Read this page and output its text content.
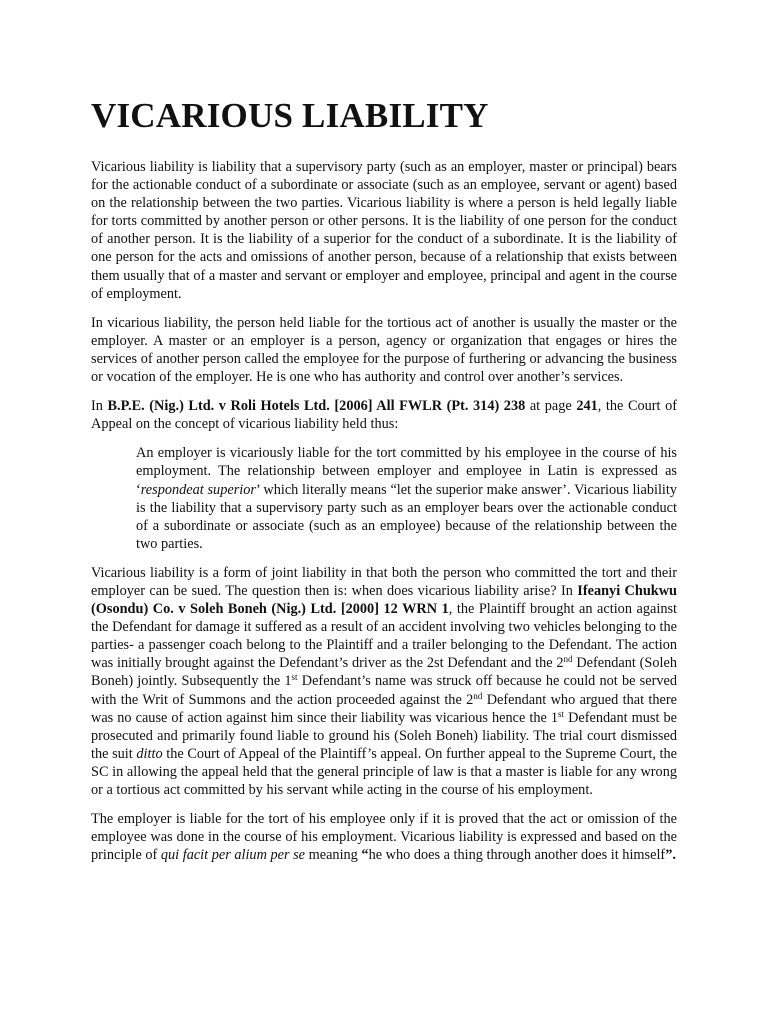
VICARIOUS LIABILITY

Vicarious liability is liability that a supervisory party (such as an employer, master or principal) bears for the actionable conduct of a subordinate or associate (such as an employee, servant or agent) based on the relationship between the two parties. Vicarious liability is where a person is held legally liable for torts committed by another person or other persons. It is the liability of one person for the conduct of another person. It is the liability of a superior for the conduct of a subordinate. It is the liability of one person for the acts and omissions of another person, because of a relationship that exists between them usually that of a master and servant or employer and employee, principal and agent in the course of employment.

In vicarious liability, the person held liable for the tortious act of another is usually the master or the employer. A master or an employer is a person, agency or organization that engages or hires the services of another person called the employee for the purpose of furthering or advancing the business or vocation of the employer. He is one who has authority and control over another’s services.

In B.P.E. (Nig.) Ltd. v Roli Hotels Ltd. [2006] All FWLR (Pt. 314) 238 at page 241, the Court of Appeal on the concept of vicarious liability held thus:

An employer is vicariously liable for the tort committed by his employee in the course of his employment. The relationship between employer and employee in Latin is expressed as ‘respondeat superior’ which literally means “let the superior make answer’. Vicarious liability is the liability that a supervisory party such as an employer bears over the actionable conduct of a subordinate or associate (such as an employee) because of the relationship between the two parties.

Vicarious liability is a form of joint liability in that both the person who committed the tort and their employer can be sued. The question then is: when does vicarious liability arise? In Ifeanyi Chukwu (Osondu) Co. v Soleh Boneh (Nig.) Ltd. [2000] 12 WRN 1, the Plaintiff brought an action against the Defendant for damage it suffered as a result of an accident involving two vehicles belonging to the parties- a passenger coach belong to the Plaintiff and a trailer belonging to the Defendant. The action was initially brought against the Defendant’s driver as the 2st Defendant and the 2nd Defendant (Soleh Boneh) jointly. Subsequently the 1st Defendant’s name was struck off because he could not be served with the Writ of Summons and the action proceeded against the 2nd Defendant who argued that there was no cause of action against him since their liability was vicarious hence the 1st Defendant must be prosecuted and primarily found liable to ground his (Soleh Boneh) liability. The trial court dismissed the suit ditto the Court of Appeal of the Plaintiff’s appeal. On further appeal to the Supreme Court, the SC in allowing the appeal held that the general principle of law is that a master is liable for any wrong or a tortious act committed by his servant while acting in the course of his employment.

The employer is liable for the tort of his employee only if it is proved that the act or omission of the employee was done in the course of his employment. Vicarious liability is expressed and based on the principle of qui facit per alium per se meaning “he who does a thing through another does it himself”.
